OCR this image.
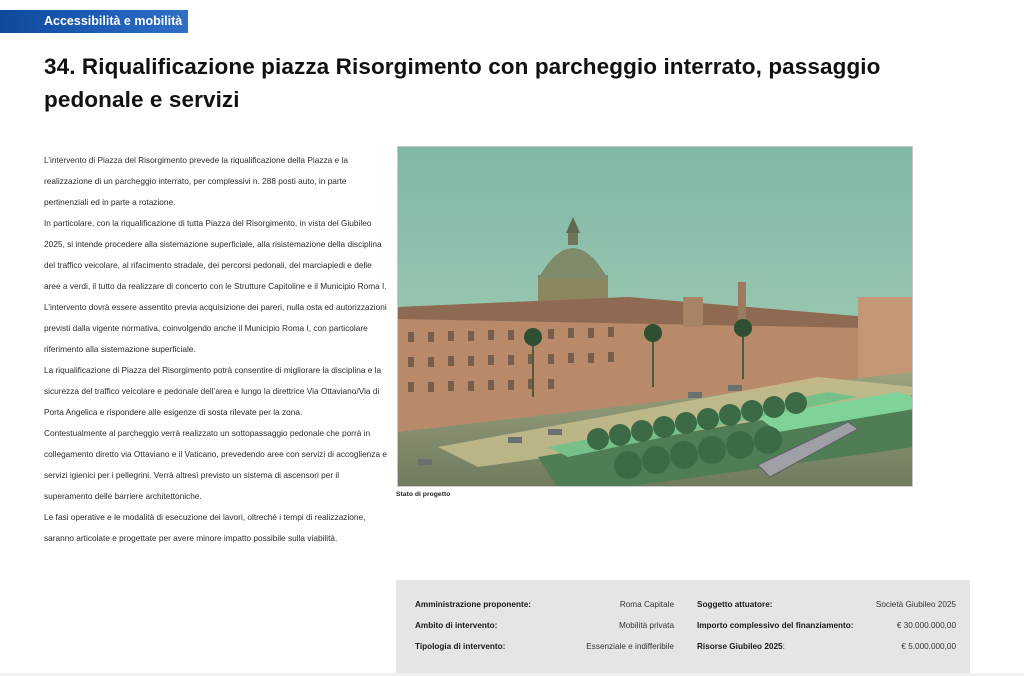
Accessibilità e mobilità
34. Riqualificazione piazza Risorgimento con parcheggio interrato, passaggio pedonale e servizi

L’intervento di Piazza del Risorgimento prevede la riqualificazione della Piazza e la realizzazione di un parcheggio interrato, per complessivi n. 288 posti auto, in parte pertinenziali ed in parte a rotazione.

In particolare, con la riqualificazione di tutta Piazza del Risorgimento, in vista del Giubileo 2025, si intende procedere alla sistemazione superficiale, alla risistemazione della disciplina del traffico veicolare, al rifacimento stradale, dei percorsi pedonali, dei marciapiedi e delle aree a verdi, il tutto da realizzare di concerto con le Strutture Capitoline e il Municipio Roma I.

L’intervento dovrà essere assentito previa acquisizione dei pareri, nulla osta ed autorizzazioni previsti dalla vigente normativa, coinvolgendo anche il Municipio Roma I, con particolare riferimento alla sistemazione superficiale.

La riqualificazione di Piazza del Risorgimento potrà consentire di migliorare la disciplina e la sicurezza del traffico veicolare e pedonale dell’area e lungo la direttrice Via Ottaviano/Via di Porta Angelica e rispondere alle esigenze di sosta rilevate per la zona.

Contestualmente al parcheggio verrà realizzato un sottopassaggio pedonale che porrà in collegamento diretto via Ottaviano e il Vaticano, prevedendo aree con servizi di accoglienza e servizi igienici per i pellegrini. Verrà altresì previsto un sistema di ascensori per il superamento delle barriere architettoniche.

Le fasi operative e le modalità di esecuzione dei lavori, oltreché i tempi di realizzazione, saranno articolate e progettate per avere minore impatto possibile sulla viabilità.

Stato di progetto
Amministrazione proponente:	Roma Capitale
Ambito di intervento:	Mobilità privata
Tipologia di intervento:	Essenziale e indifferibile
Soggetto attuatore:	Società Giubileo 2025
Importo complessivo del finanziamento:	€ 30.000.000,00
Risorse Giubileo 2025:	€ 5.000.000,00
